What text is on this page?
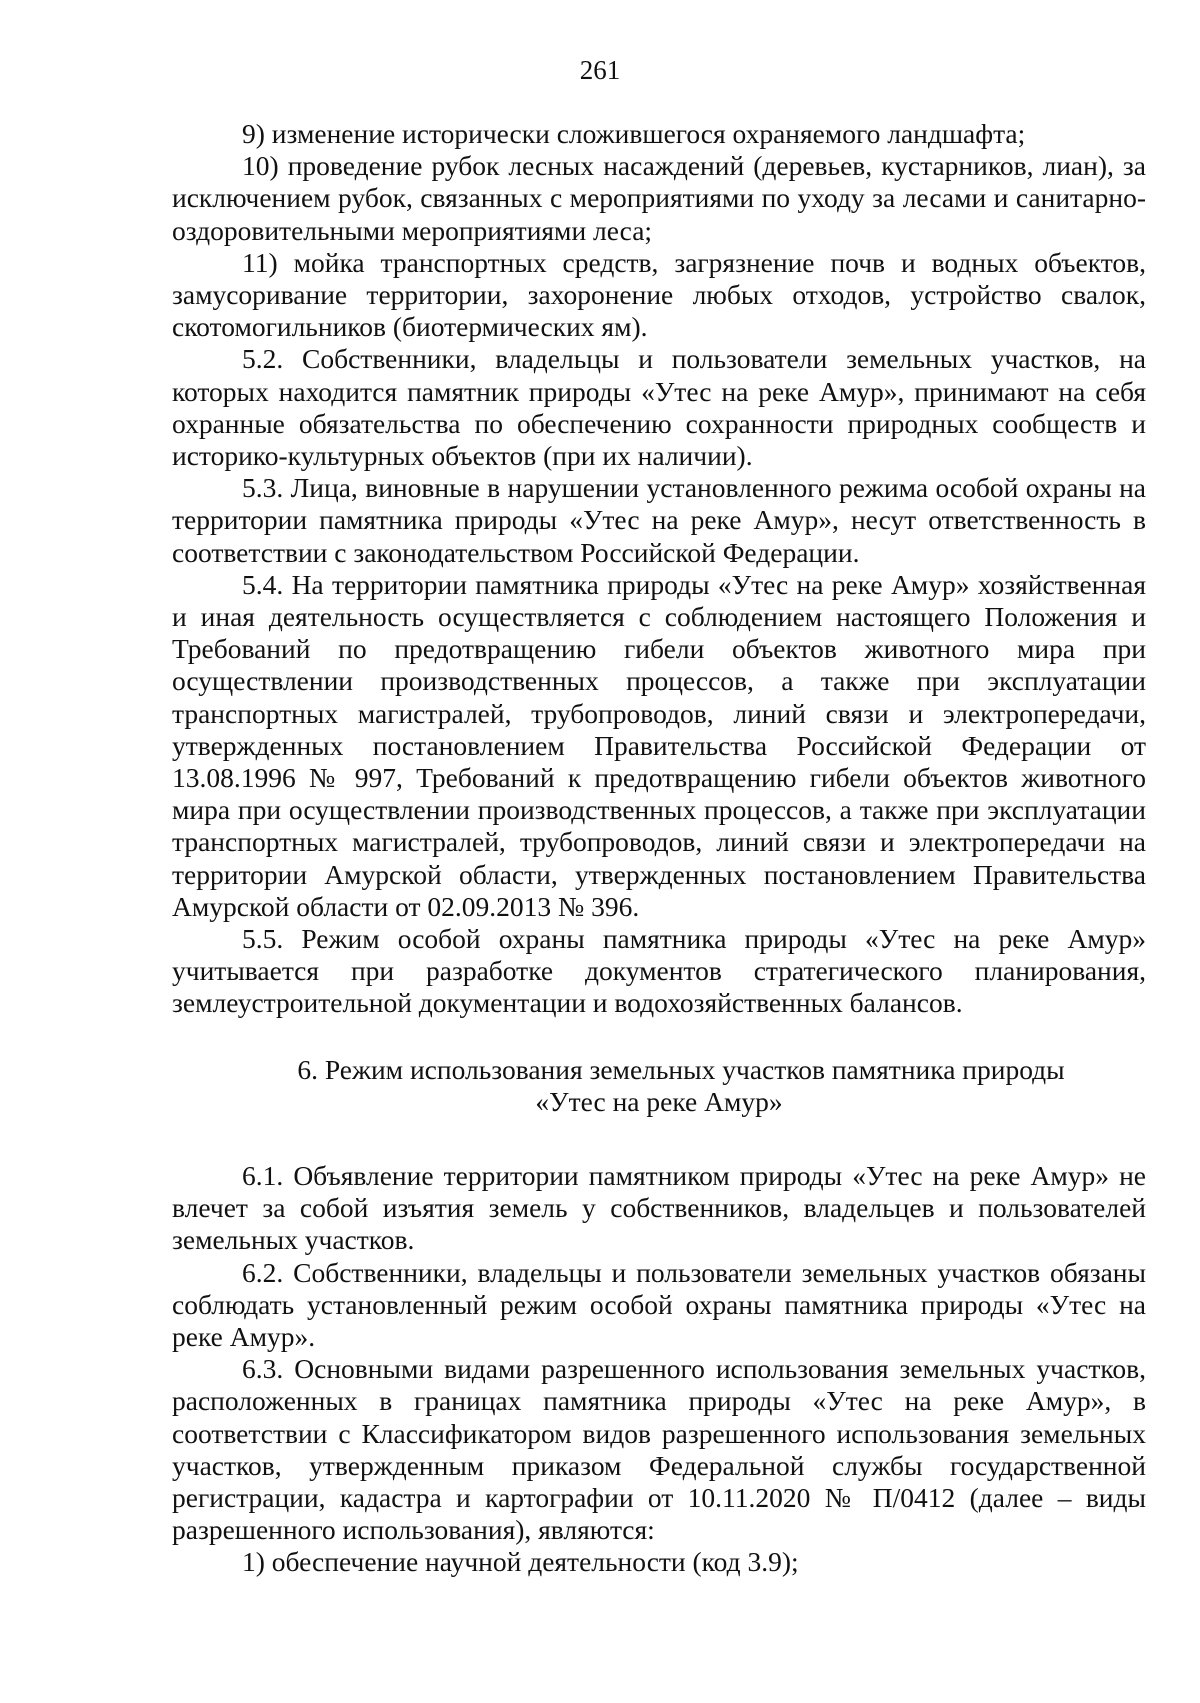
261

9) изменение исторически сложившегося охраняемого ландшафта;

10) проведение рубок лесных насаждений (деревьев, кустарников, лиан), за исключением рубок, связанных с мероприятиями по уходу за лесами и санитарно-оздоровительными мероприятиями леса;

11) мойка транспортных средств, загрязнение почв и водных объектов, замусоривание территории, захоронение любых отходов, устройство свалок, скотомогильников (биотермических ям).

5.2. Собственники, владельцы и пользователи земельных участков, на которых находится памятник природы «Утес на реке Амур», принимают на себя охранные обязательства по обеспечению сохранности природных сообществ и историко-культурных объектов (при их наличии).

5.3. Лица, виновные в нарушении установленного режима особой охраны на территории памятника природы «Утес на реке Амур», несут ответственность в соответствии с законодательством Российской Федерации.

5.4. На территории памятника природы «Утес на реке Амур» хозяйственная и иная деятельность осуществляется с соблюдением настоящего Положения и Требований по предотвращению гибели объектов животного мира при осуществлении производственных процессов, а также при эксплуатации транспортных магистралей, трубопроводов, линий связи и электропередачи, утвержденных постановлением Правительства Российской Федерации от 13.08.1996 № 997, Требований к предотвращению гибели объектов животного мира при осуществлении производственных процессов, а также при эксплуатации транспортных магистралей, трубопроводов, линий связи и электропередачи на территории Амурской области, утвержденных постановлением Правительства Амурской области от 02.09.2013 № 396.

5.5. Режим особой охраны памятника природы «Утес на реке Амур» учитывается при разработке документов стратегического планирования, землеустроительной документации и водохозяйственных балансов.

6. Режим использования земельных участков памятника природы
«Утес на реке Амур»

6.1. Объявление территории памятником природы «Утес на реке Амур» не влечет за собой изъятия земель у собственников, владельцев и пользователей земельных участков.

6.2. Собственники, владельцы и пользователи земельных участков обязаны соблюдать установленный режим особой охраны памятника природы «Утес на реке Амур».

6.3. Основными видами разрешенного использования земельных участков, расположенных в границах памятника природы «Утес на реке Амур», в соответствии с Классификатором видов разрешенного использования земельных участков, утвержденным приказом Федеральной службы государственной регистрации, кадастра и картографии от 10.11.2020 № П/0412 (далее – виды разрешенного использования), являются:

1) обеспечение научной деятельности (код 3.9);
